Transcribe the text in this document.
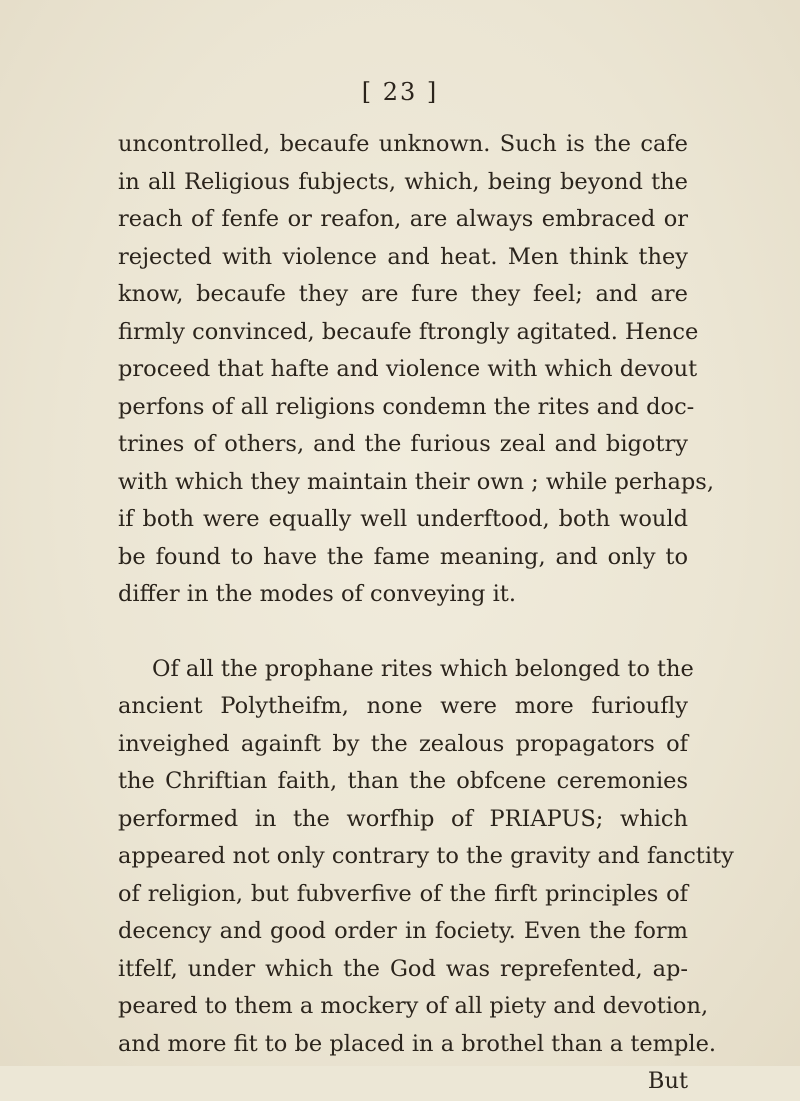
[ 23 ]
uncontrolled, becaufe unknown. Such is the cafe
in all Religious fubjects, which, being beyond the
reach of fenfe or reafon, are always embraced or
rejected with violence and heat. Men think they
know, becaufe they are fure they feel; and are
firmly convinced, becaufe ftrongly agitated. Hence
proceed that hafte and violence with which devout
perfons of all religions condemn the rites and doc-
trines of others, and the furious zeal and bigotry
with which they maintain their own ; while perhaps,
if both were equally well underftood, both would
be found to have the fame meaning, and only to
differ in the modes of conveying it.
Of all the prophane rites which belonged to the
ancient Polytheifm, none were more furioufly
inveighed againft by the zealous propagators of
the Chriftian faith, than the obfcene ceremonies
performed in the worfhip of PRIAPUS; which
appeared not only contrary to the gravity and fanctity
of religion, but fubverfive of the firft principles of
decency and good order in fociety. Even the form
itfelf, under which the God was reprefented, ap-
peared to them a mockery of all piety and devotion,
and more fit to be placed in a brothel than a temple.
But
